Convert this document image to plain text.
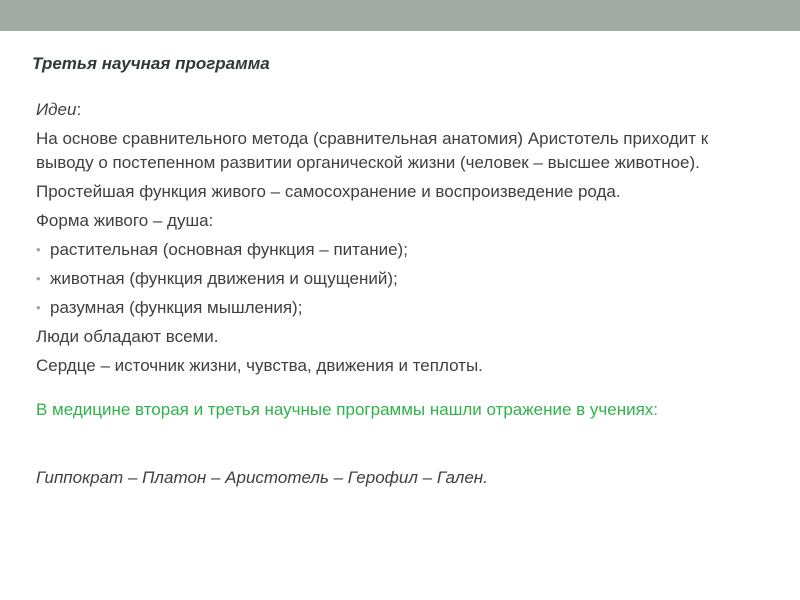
Третья научная программа

Идеи:

На основе сравнительного метода (сравнительная анатомия) Аристотель приходит к выводу о постепенном развитии органической жизни (человек – высшее животное).

Простейшая функция живого – самосохранение и воспроизведение рода.

Форма живого – душа:

• растительная (основная функция – питание);
• животная (функция движения и ощущений);
• разумная (функция мышления);

Люди обладают всеми.

Сердце – источник жизни, чувства, движения и теплоты.

В медицине вторая и третья научные программы нашли отражение в учениях:

Гиппократ – Платон – Аристотель – Герофил – Гален.
